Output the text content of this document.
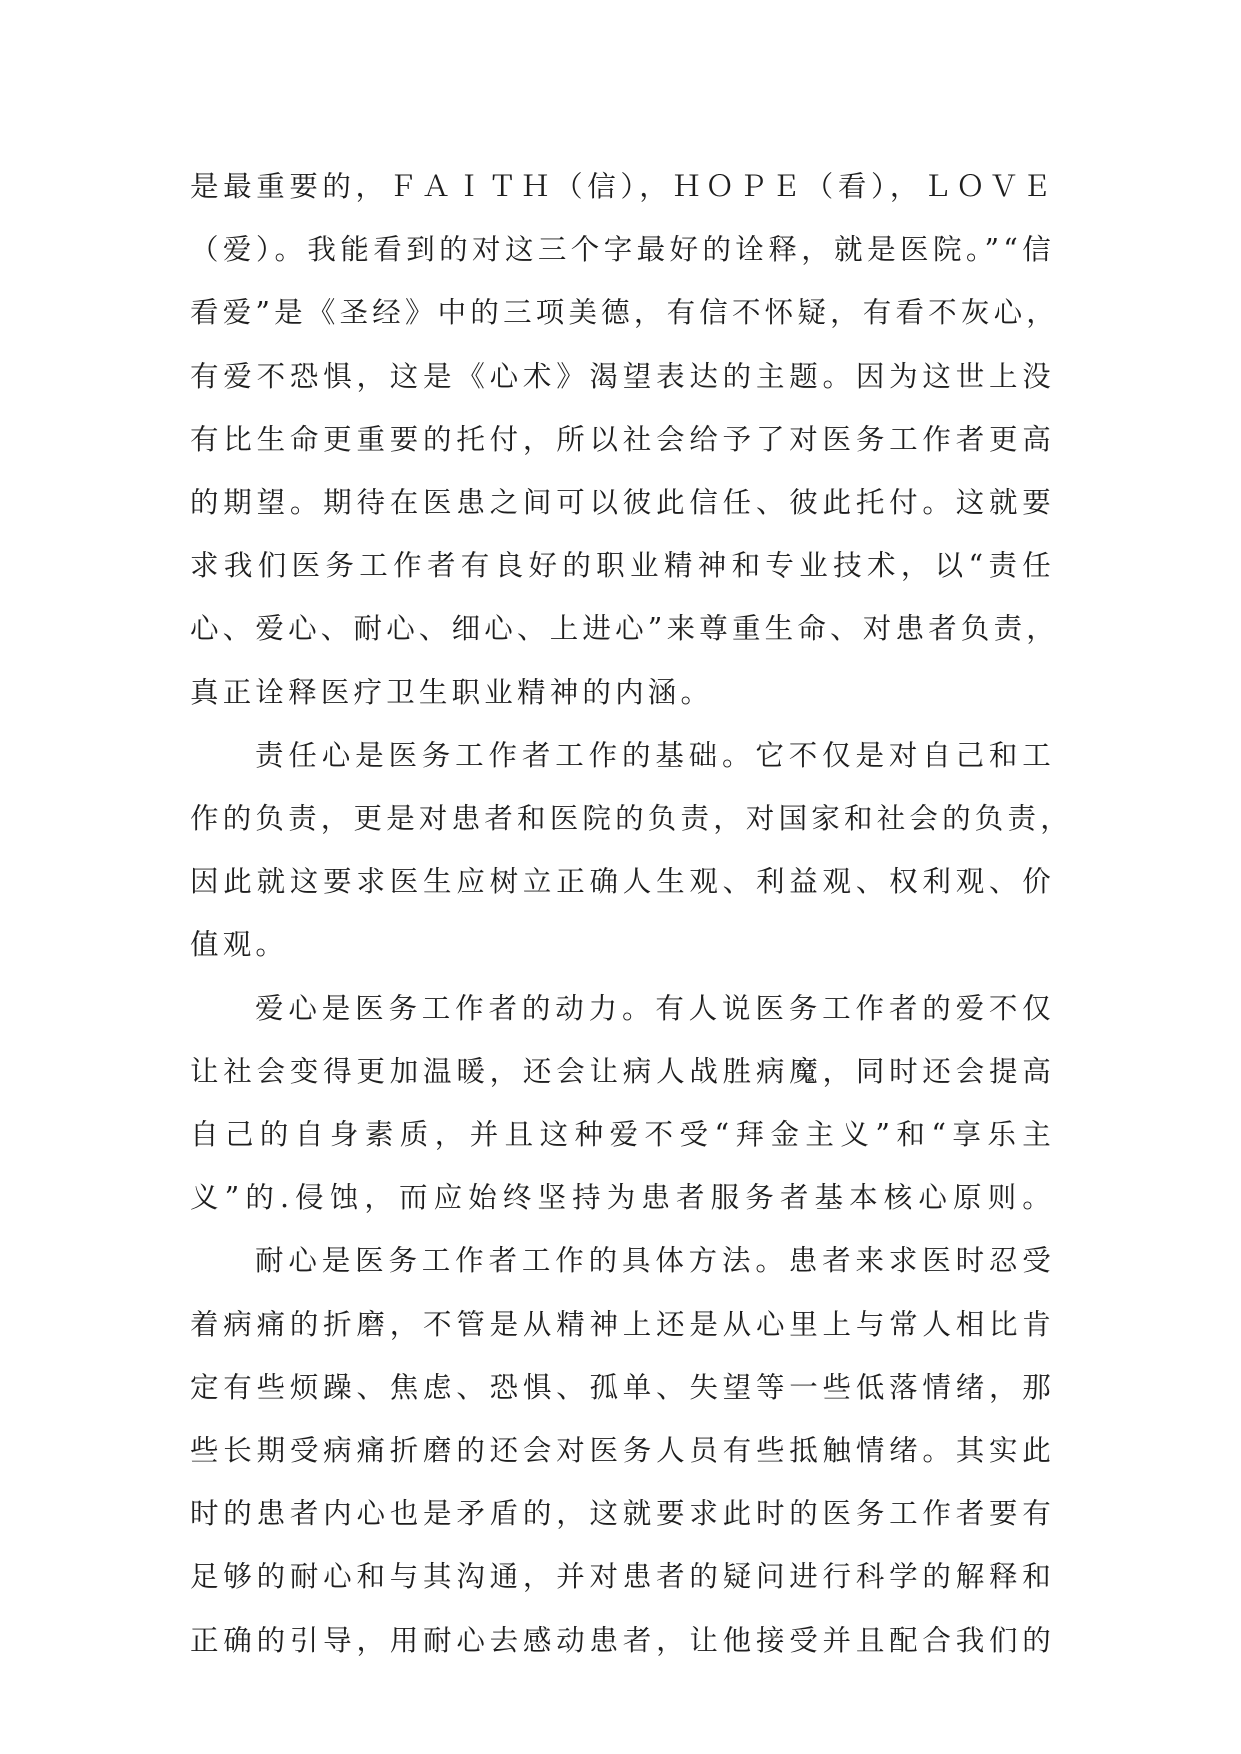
是最重要的，ＦＡＩＴＨ（信），ＨＯＰＥ（看），ＬＯＶＥ
（爱）。我能看到的对这三个字最好的诠释，就是医院。”“信
看爱”是《圣经》中的三项美德，有信不怀疑，有看不灰心，
有爱不恐惧，这是《心术》渴望表达的主题。因为这世上没
有比生命更重要的托付，所以社会给予了对医务工作者更高
的期望。期待在医患之间可以彼此信任、彼此托付。这就要
求我们医务工作者有良好的职业精神和专业技术，以“责任
心、爱心、耐心、细心、上进心”来尊重生命、对患者负责，
真正诠释医疗卫生职业精神的内涵。

责任心是医务工作者工作的基础。它不仅是对自己和工
作的负责，更是对患者和医院的负责，对国家和社会的负责，
因此就这要求医生应树立正确人生观、利益观、权利观、价
值观。

爱心是医务工作者的动力。有人说医务工作者的爱不仅
让社会变得更加温暖，还会让病人战胜病魔，同时还会提高
自己的自身素质，并且这种爱不受“拜金主义”和“享乐主
义”的.侵蚀，而应始终坚持为患者服务者基本核心原则。

耐心是医务工作者工作的具体方法。患者来求医时忍受
着病痛的折磨，不管是从精神上还是从心里上与常人相比肯
定有些烦躁、焦虑、恐惧、孤单、失望等一些低落情绪，那
些长期受病痛折磨的还会对医务人员有些抵触情绪。其实此
时的患者内心也是矛盾的，这就要求此时的医务工作者要有
足够的耐心和与其沟通，并对患者的疑问进行科学的解释和
正确的引导，用耐心去感动患者，让他接受并且配合我们的
